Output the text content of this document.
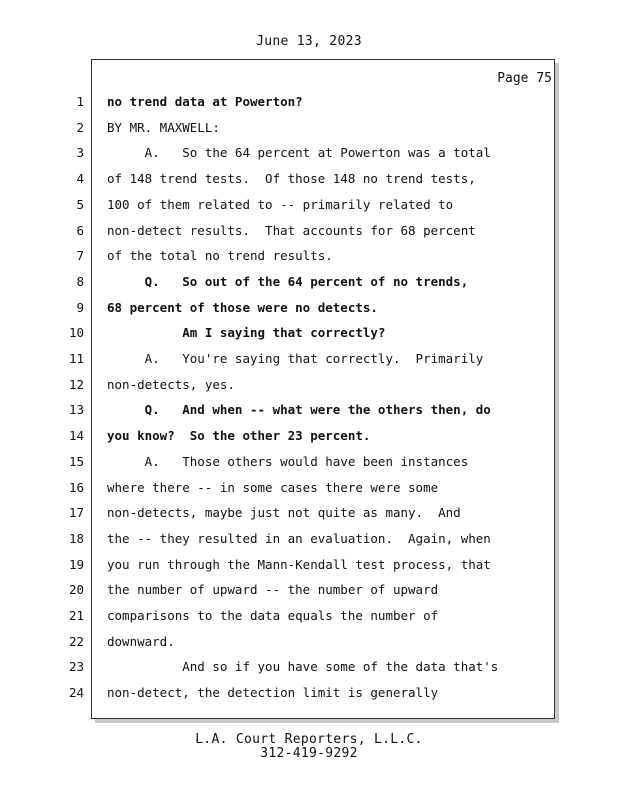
June 13, 2023
Page 75
1 no trend data at Powerton?
2 BY MR. MAXWELL:
3 A.   So the 64 percent at Powerton was a total
4 of 148 trend tests.  Of those 148 no trend tests,
5 100 of them related to -- primarily related to
6 non-detect results.  That accounts for 68 percent
7 of the total no trend results.
8 Q.   So out of the 64 percent of no trends,
9 68 percent of those were no detects.
10 Am I saying that correctly?
11 A.   You're saying that correctly.  Primarily
12 non-detects, yes.
13 Q.   And when -- what were the others then, do
14 you know?  So the other 23 percent.
15 A.   Those others would have been instances
16 where there -- in some cases there were some
17 non-detects, maybe just not quite as many.  And
18 the -- they resulted in an evaluation.  Again, when
19 you run through the Mann-Kendall test process, that
20 the number of upward -- the number of upward
21 comparisons to the data equals the number of
22 downward.
23 And so if you have some of the data that's
24 non-detect, the detection limit is generally
L.A. Court Reporters, L.L.C.
312-419-9292
